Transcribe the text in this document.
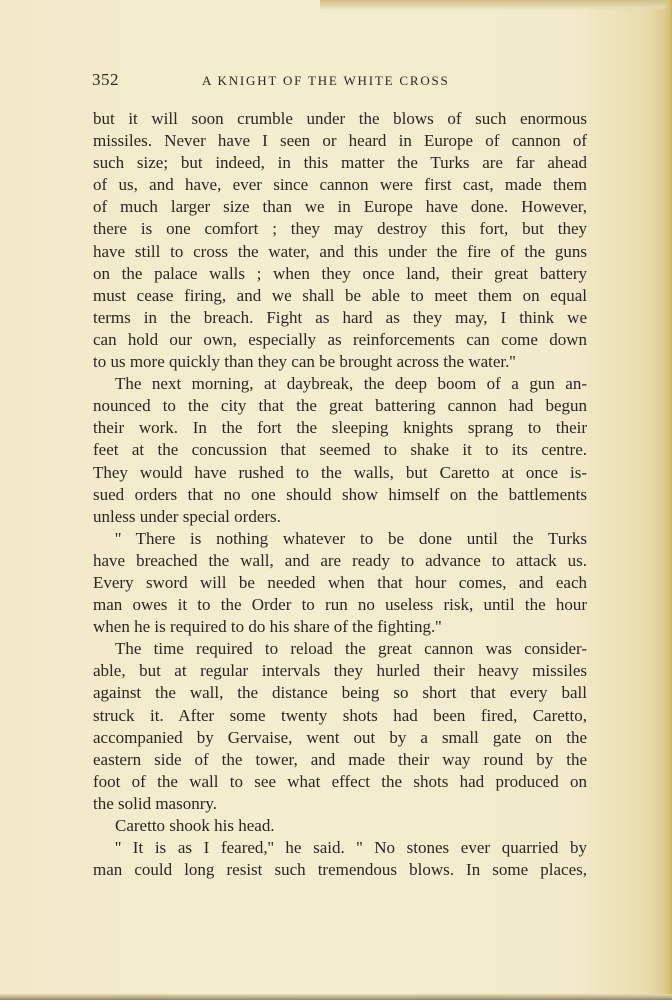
352	A KNIGHT OF THE WHITE CROSS
but it will soon crumble under the blows of such enormous
missiles. Never have I seen or heard in Europe of cannon of
such size; but indeed, in this matter the Turks are far ahead
of us, and have, ever since cannon were first cast, made them
of much larger size than we in Europe have done. However,
there is one comfort ; they may destroy this fort, but they
have still to cross the water, and this under the fire of the guns
on the palace walls ; when they once land, their great battery
must cease firing, and we shall be able to meet them on equal
terms in the breach. Fight as hard as they may, I think we
can hold our own, especially as reinforcements can come down
to us more quickly than they can be brought across the water.''
The next morning, at daybreak, the deep boom of a gun an-
nounced to the city that the great battering cannon had begun
their work. In the fort the sleeping knights sprang to their
feet at the concussion that seemed to shake it to its centre.
They would have rushed to the walls, but Caretto at once is-
sued orders that no one should show himself on the battlements
unless under special orders.
'' There is nothing whatever to be done until the Turks
have breached the wall, and are ready to advance to attack us.
Every sword will be needed when that hour comes, and each
man owes it to the Order to run no useless risk, until the hour
when he is required to do his share of the fighting.''
The time required to reload the great cannon was consider-
able, but at regular intervals they hurled their heavy missiles
against the wall, the distance being so short that every ball
struck it. After some twenty shots had been fired, Caretto,
accompanied by Gervaise, went out by a small gate on the
eastern side of the tower, and made their way round by the
foot of the wall to see what effect the shots had produced on
the solid masonry.
Caretto shook his head.
'' It is as I feared,'' he said. '' No stones ever quarried by
man could long resist such tremendous blows. In some places,
